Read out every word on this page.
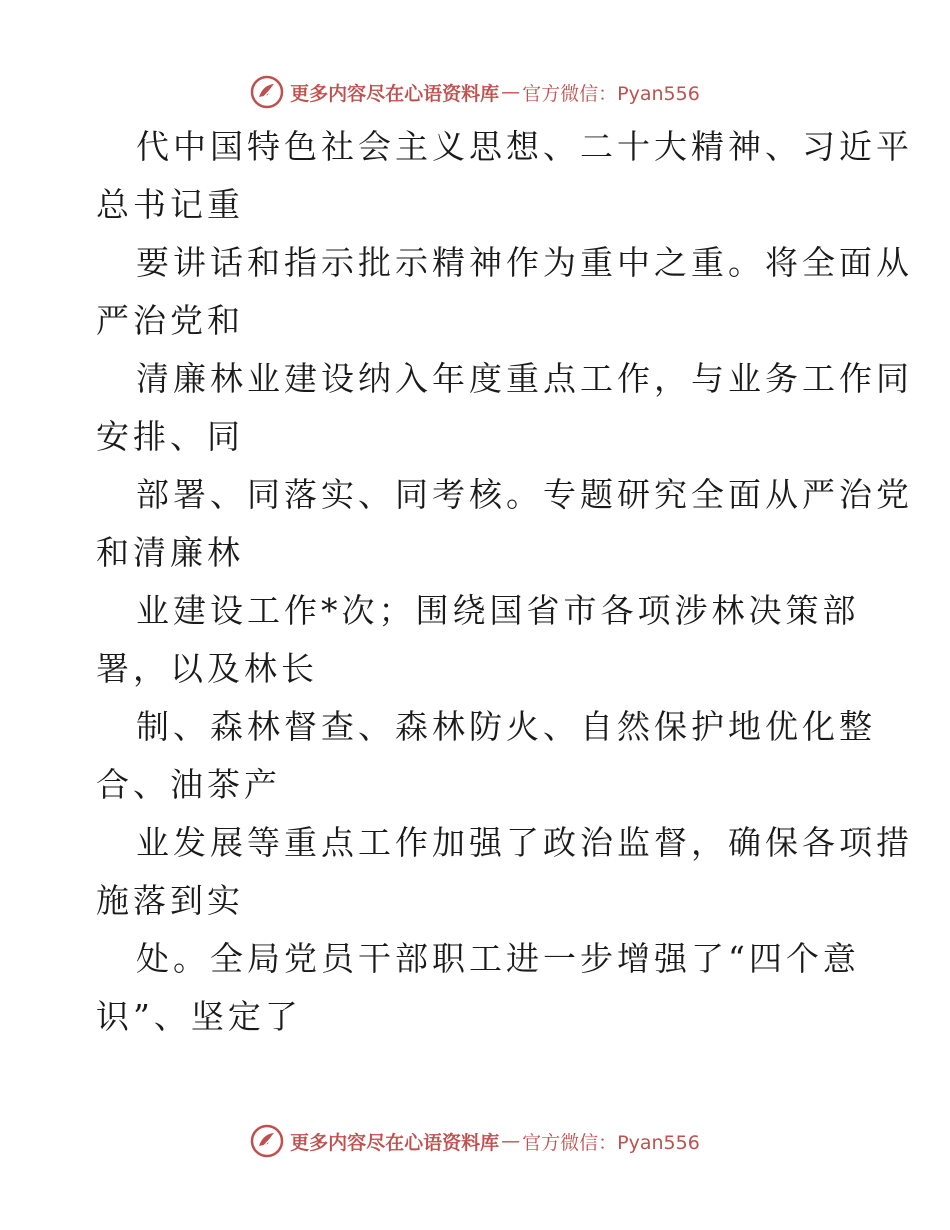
更多内容尽在心语资料库 — 官方微信：Pyan556
代中国特色社会主义思想、二十大精神、习近平
总书记重
要讲话和指示批示精神作为重中之重。将全面从
严治党和
清廉林业建设纳入年度重点工作，与业务工作同
安排、同
部署、同落实、同考核。专题研究全面从严治党
和清廉林
业建设工作*次；围绕国省市各项涉林决策部
署，以及林长
制、森林督查、森林防火、自然保护地优化整
合、油茶产
业发展等重点工作加强了政治监督，确保各项措
施落到实
处。全局党员干部职工进一步增强了“四个意
识”、坚定了
更多内容尽在心语资料库 — 官方微信：Pyan556
